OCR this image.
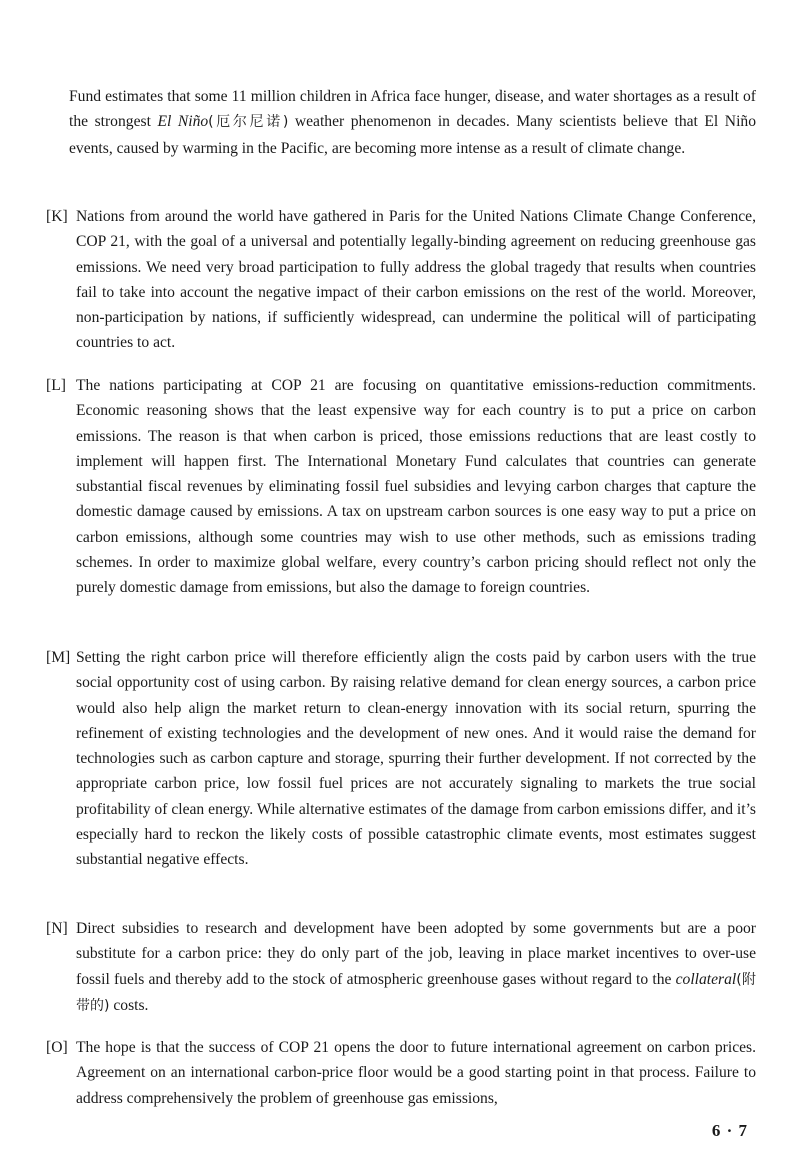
Fund estimates that some 11 million children in Africa face hunger, disease, and water shortages as a result of the strongest El Niño(厄尔尼诺) weather phenomenon in decades. Many scientists believe that El Niño events, caused by warming in the Pacific, are becoming more intense as a result of climate change.

[K] Nations from around the world have gathered in Paris for the United Nations Climate Change Conference, COP 21, with the goal of a universal and potentially legally-binding agreement on reducing greenhouse gas emissions. We need very broad participation to fully address the global tragedy that results when countries fail to take into account the negative impact of their carbon emissions on the rest of the world. Moreover, non-participation by nations, if sufficiently widespread, can undermine the political will of participating countries to act.
[L] The nations participating at COP 21 are focusing on quantitative emissions-reduction commitments. Economic reasoning shows that the least expensive way for each country is to put a price on carbon emissions. The reason is that when carbon is priced, those emissions reductions that are least costly to implement will happen first. The International Monetary Fund calculates that countries can generate substantial fiscal revenues by eliminating fossil fuel subsidies and levying carbon charges that capture the domestic damage caused by emissions. A tax on upstream carbon sources is one easy way to put a price on carbon emissions, although some countries may wish to use other methods, such as emissions trading schemes. In order to maximize global welfare, every country’s carbon pricing should reflect not only the purely domestic damage from emissions, but also the damage to foreign countries.
[M] Setting the right carbon price will therefore efficiently align the costs paid by carbon users with the true social opportunity cost of using carbon. By raising relative demand for clean energy sources, a carbon price would also help align the market return to clean-energy innovation with its social return, spurring the refinement of existing technologies and the development of new ones. And it would raise the demand for technologies such as carbon capture and storage, spurring their further development. If not corrected by the appropriate carbon price, low fossil fuel prices are not accurately signaling to markets the true social profitability of clean energy. While alternative estimates of the damage from carbon emissions differ, and it’s especially hard to reckon the likely costs of possible catastrophic climate events, most estimates suggest substantial negative effects.
[N] Direct subsidies to research and development have been adopted by some governments but are a poor substitute for a carbon price: they do only part of the job, leaving in place market incentives to over-use fossil fuels and thereby add to the stock of atmospheric greenhouse gases without regard to the collateral(附带的) costs.
[O] The hope is that the success of COP 21 opens the door to future international agreement on carbon prices. Agreement on an international carbon-price floor would be a good starting point in that process. Failure to address comprehensively the problem of greenhouse gas emissions,
6 · 7
